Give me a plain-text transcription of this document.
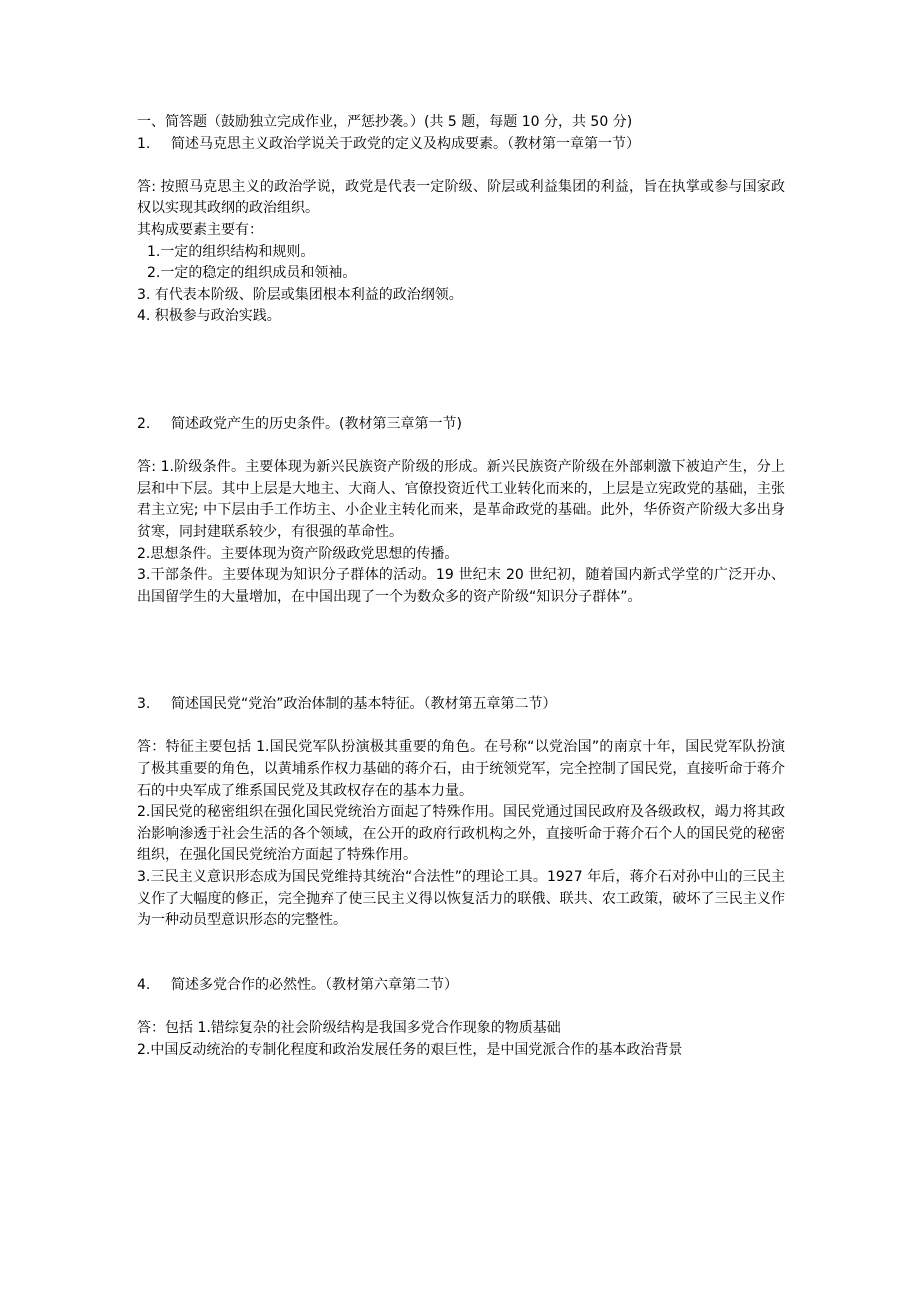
一、简答题（鼓励独立完成作业，严惩抄袭。）(共 5 题，每题 10 分，共 50 分)
1. 简述马克思主义政治学说关于政党的定义及构成要素。（教材第一章第一节）
答: 按照马克思主义的政治学说，政党是代表一定阶级、阶层或利益集团的利益，旨在执掌或参与国家政权以实现其政纲的政治组织。
其构成要素主要有：
1.一定的组织结构和规则。
2.一定的稳定的组织成员和领袖。
3. 有代表本阶级、阶层或集团根本利益的政治纲领。
4. 积极参与政治实践。
2. 简述政党产生的历史条件。(教材第三章第一节)
答: 1.阶级条件。主要体现为新兴民族资产阶级的形成。新兴民族资产阶级在外部刺激下被迫产生，分上层和中下层。其中上层是大地主、大商人、官僚投资近代工业转化而来的，上层是立宪政党的基础，主张君主立宪; 中下层由手工作坊主、小企业主转化而来，是革命政党的基础。此外，华侨资产阶级大多出身贫寒，同封建联系较少，有很强的革命性。
2.思想条件。主要体现为资产阶级政党思想的传播。
3.干部条件。主要体现为知识分子群体的活动。19 世纪末 20 世纪初，随着国内新式学堂的广泛开办、出国留学生的大量增加，在中国出现了一个为数众多的资产阶级“知识分子群体”。
3. 简述国民党“党治”政治体制的基本特征。（教材第五章第二节）
答：特征主要包括 1.国民党军队扮演极其重要的角色。在号称“以党治国”的南京十年，国民党军队扮演了极其重要的角色，以黄埔系作权力基础的蒋介石，由于统领党军，完全控制了国民党，直接听命于蒋介石的中央军成了维系国民党及其政权存在的基本力量。
2.国民党的秘密组织在强化国民党统治方面起了特殊作用。国民党通过国民政府及各级政权，竭力将其政治影响渗透于社会生活的各个领域，在公开的政府行政机构之外，直接听命于蒋介石个人的国民党的秘密组织，在强化国民党统治方面起了特殊作用。
3.三民主义意识形态成为国民党维持其统治“合法性”的理论工具。1927 年后，蒋介石对孙中山的三民主义作了大幅度的修正，完全抛弃了使三民主义得以恢复活力的联俄、联共、农工政策，破坏了三民主义作为一种动员型意识形态的完整性。
4. 简述多党合作的必然性。（教材第六章第二节）
答：包括 1.错综复杂的社会阶级结构是我国多党合作现象的物质基础
2.中国反动统治的专制化程度和政治发展任务的艰巨性，是中国党派合作的基本政治背景
